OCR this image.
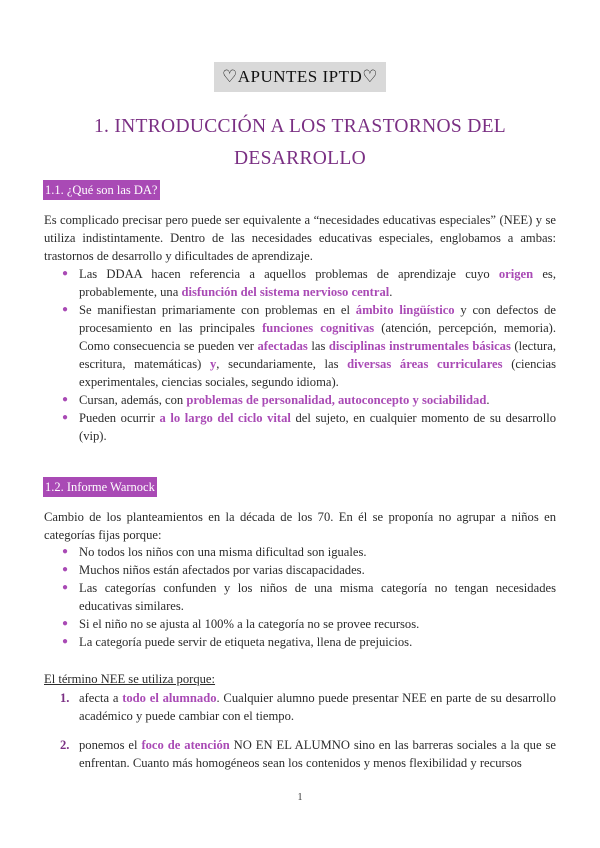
♡APUNTES IPTD♡
1. INTRODUCCIÓN A LOS TRASTORNOS DEL
DESARROLLO
1.1. ¿Qué son las DA?
Es complicado precisar pero puede ser equivalente a “necesidades educativas especiales” (NEE) y se utiliza indistintamente. Dentro de las necesidades educativas especiales, englobamos a ambas: trastornos de desarrollo y dificultades de aprendizaje.
● Las DDAA hacen referencia a aquellos problemas de aprendizaje cuyo origen es, probablemente, una disfunción del sistema nervioso central.
● Se manifiestan primariamente con problemas en el ámbito lingüístico y con defectos de procesamiento en las principales funciones cognitivas (atención, percepción, memoria). Como consecuencia se pueden ver afectadas las disciplinas instrumentales básicas (lectura, escritura, matemáticas) y, secundariamente, las diversas áreas curriculares (ciencias experimentales, ciencias sociales, segundo idioma).
● Cursan, además, con problemas de personalidad, autoconcepto y sociabilidad.
● Pueden ocurrir a lo largo del ciclo vital del sujeto, en cualquier momento de su desarrollo (vip).
1.2. Informe Warnock
Cambio de los planteamientos en la década de los 70. En él se proponía no agrupar a niños en categorías fijas porque:
● No todos los niños con una misma dificultad son iguales.
● Muchos niños están afectados por varias discapacidades.
● Las categorías confunden y los niños de una misma categoría no tengan necesidades educativas similares.
● Si el niño no se ajusta al 100% a la categoría no se provee recursos.
● La categoría puede servir de etiqueta negativa, llena de prejuicios.
El término NEE se utiliza porque:
1. afecta a todo el alumnado. Cualquier alumno puede presentar NEE en parte de su desarrollo académico y puede cambiar con el tiempo.
2. ponemos el foco de atención NO EN EL ALUMNO sino en las barreras sociales a la que se enfrentan. Cuanto más homogéneos sean los contenidos y menos flexibilidad y recursos
1
